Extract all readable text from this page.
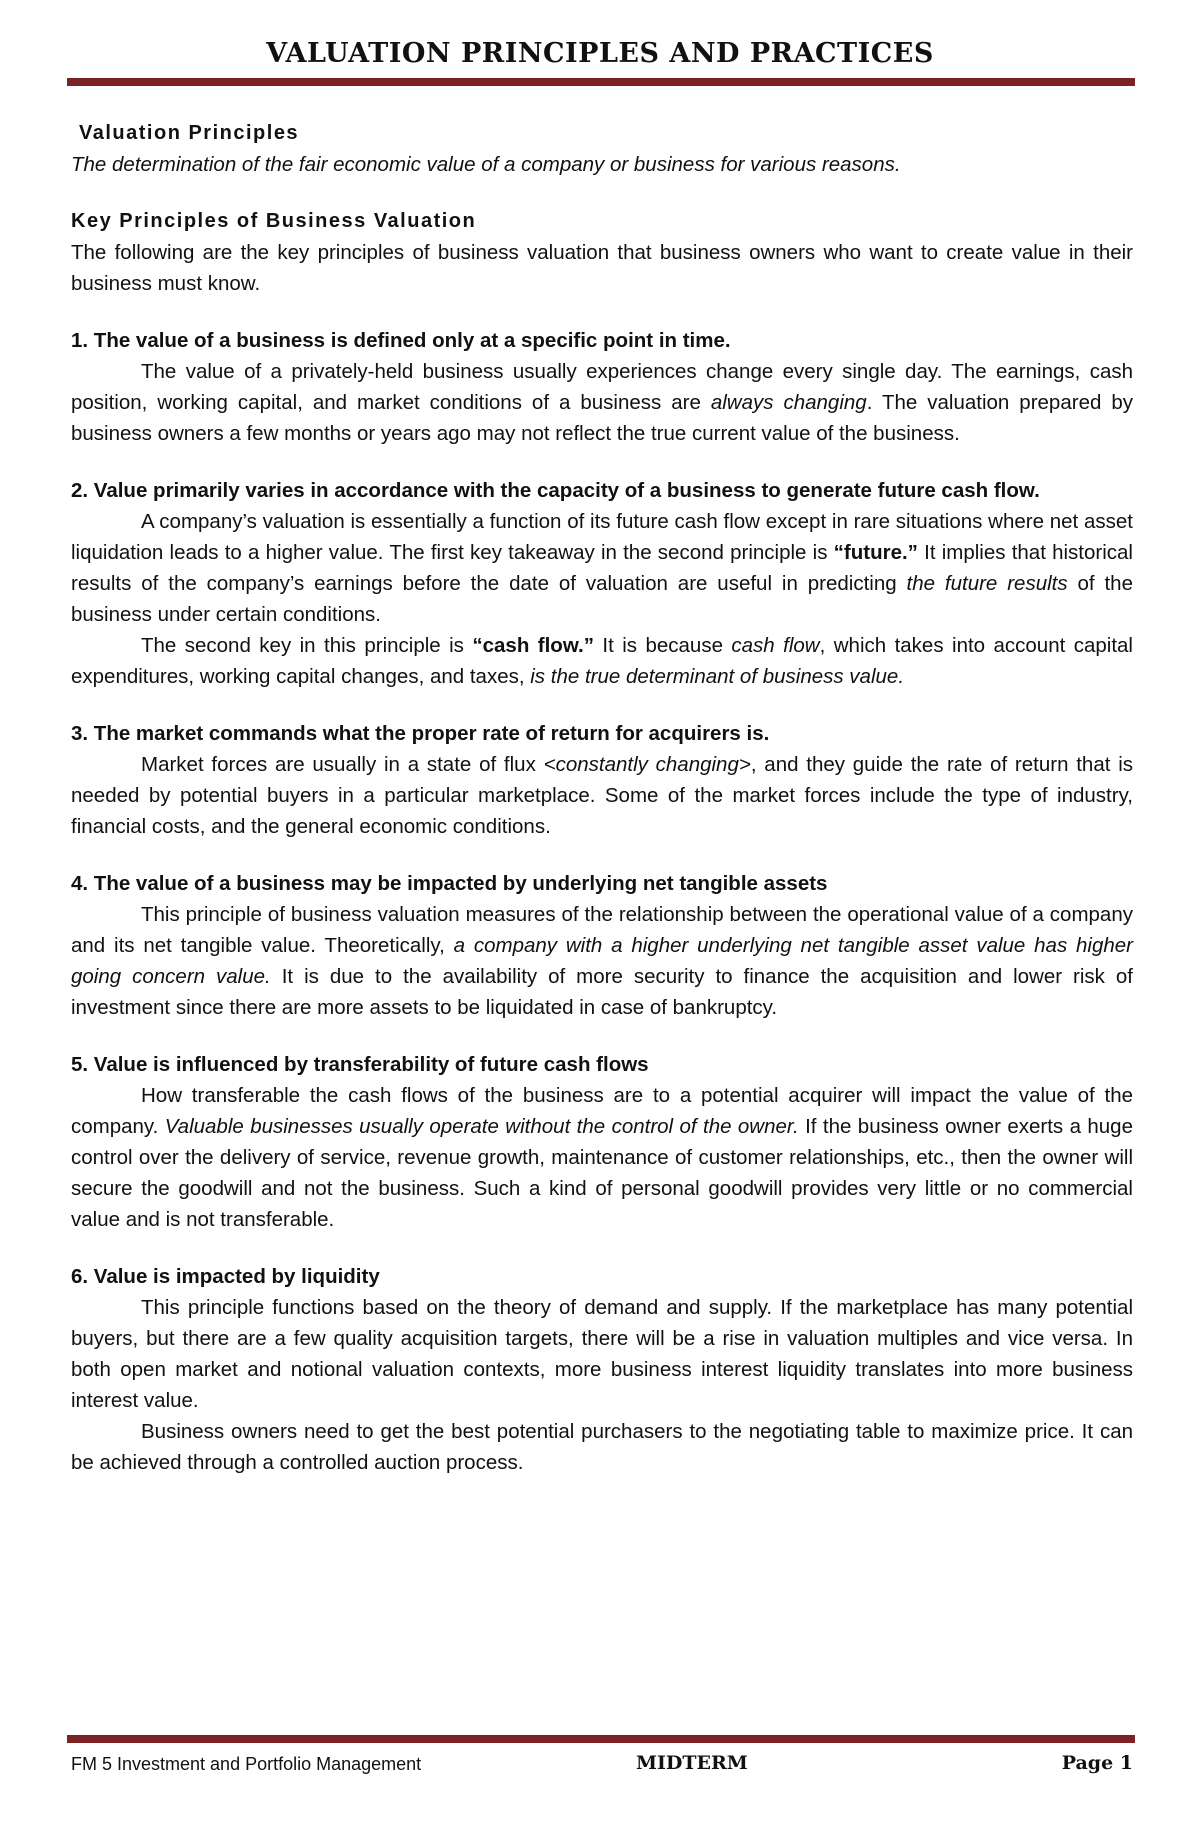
VALUATION PRINCIPLES AND PRACTICES

Valuation Principles

The determination of the fair economic value of a company or business for various reasons.

Key Principles of Business Valuation

The following are the key principles of business valuation that business owners who want to create value in their business must know.

1. The value of a business is defined only at a specific point in time.

The value of a privately-held business usually experiences change every single day. The earnings, cash position, working capital, and market conditions of a business are always changing. The valuation prepared by business owners a few months or years ago may not reflect the true current value of the business.

2. Value primarily varies in accordance with the capacity of a business to generate future cash flow.

A company’s valuation is essentially a function of its future cash flow except in rare situations where net asset liquidation leads to a higher value. The first key takeaway in the second principle is “future.” It implies that historical results of the company’s earnings before the date of valuation are useful in predicting the future results of the business under certain conditions.

The second key in this principle is “cash flow.” It is because cash flow, which takes into account capital expenditures, working capital changes, and taxes, is the true determinant of business value.

3. The market commands what the proper rate of return for acquirers is.

Market forces are usually in a state of flux <constantly changing>, and they guide the rate of return that is needed by potential buyers in a particular marketplace. Some of the market forces include the type of industry, financial costs, and the general economic conditions.

4. The value of a business may be impacted by underlying net tangible assets

This principle of business valuation measures of the relationship between the operational value of a company and its net tangible value. Theoretically, a company with a higher underlying net tangible asset value has higher going concern value. It is due to the availability of more security to finance the acquisition and lower risk of investment since there are more assets to be liquidated in case of bankruptcy.

5. Value is influenced by transferability of future cash flows

How transferable the cash flows of the business are to a potential acquirer will impact the value of the company. Valuable businesses usually operate without the control of the owner. If the business owner exerts a huge control over the delivery of service, revenue growth, maintenance of customer relationships, etc., then the owner will secure the goodwill and not the business. Such a kind of personal goodwill provides very little or no commercial value and is not transferable.

6. Value is impacted by liquidity

This principle functions based on the theory of demand and supply. If the marketplace has many potential buyers, but there are a few quality acquisition targets, there will be a rise in valuation multiples and vice versa. In both open market and notional valuation contexts, more business interest liquidity translates into more business interest value.

Business owners need to get the best potential purchasers to the negotiating table to maximize price. It can be achieved through a controlled auction process.

FM 5 Investment and Portfolio Management	MIDTERM	Page 1
